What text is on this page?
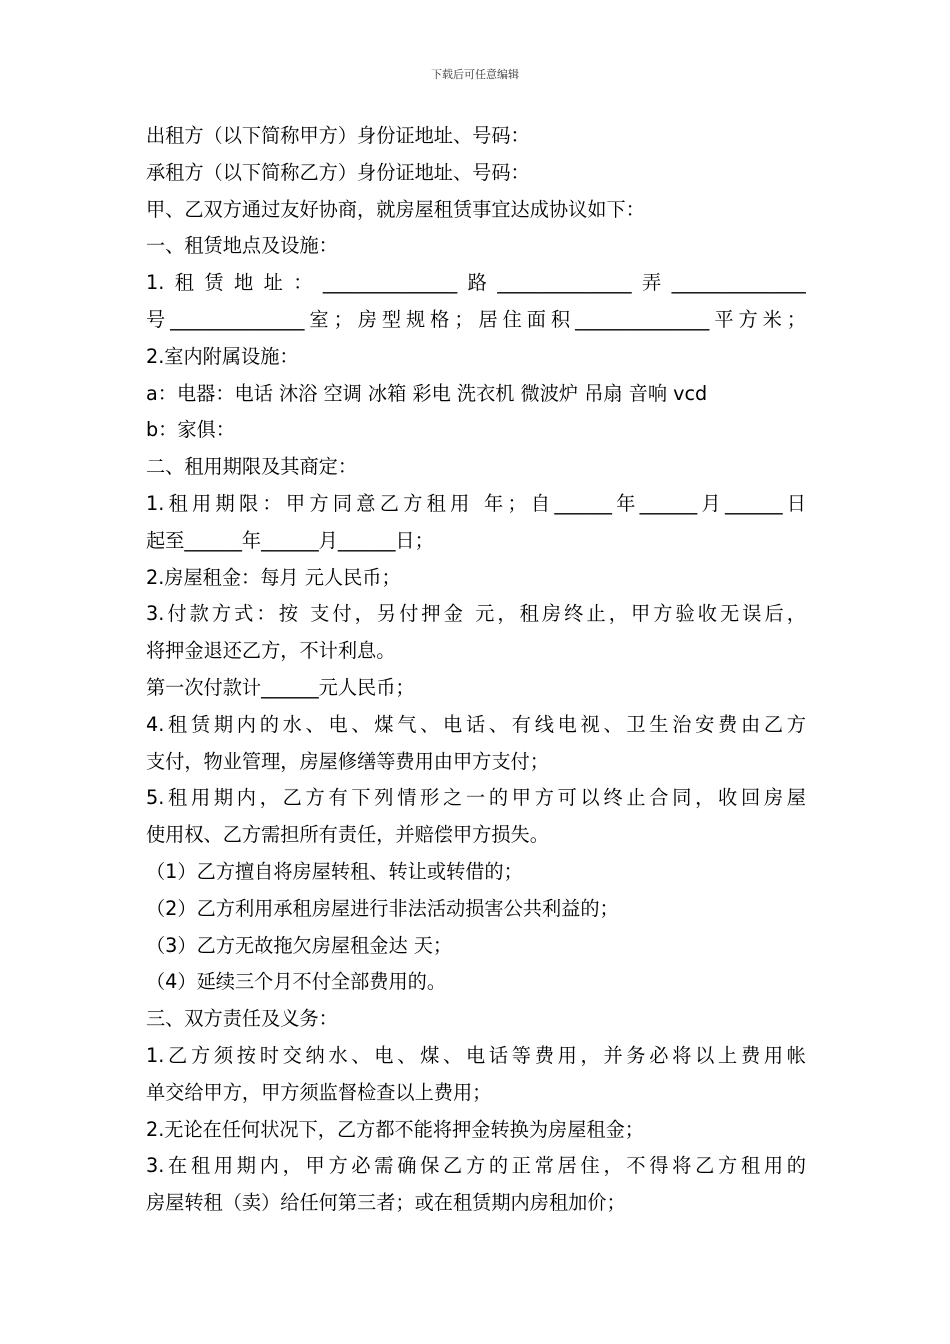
下载后可任意编辑
出租方（以下简称甲方）身份证地址、号码：
承租方（以下简称乙方）身份证地址、号码：
甲、乙双方通过友好协商，就房屋租赁事宜达成协议如下：
一、租赁地点及设施：
1.租赁地址：______________路______________弄______________
号______________室；房型规格；居住面积______________平方米；
2.室内附属设施：
a：电器：电话 沐浴 空调 冰箱 彩电 洗衣机 微波炉 吊扇 音响 vcd
b：家俱：
二、租用期限及其商定：
1.租用期限：甲方同意乙方租用 年；自______年______月______日
起至______年______月______日；
2.房屋租金：每月 元人民币；
3.付款方式：按 支付，另付押金 元，租房终止，甲方验收无误后，
将押金退还乙方，不计利息。
第一次付款计______元人民币；
4.租赁期内的水、电、煤气、电话、有线电视、卫生治安费由乙方
支付，物业管理，房屋修缮等费用由甲方支付；
5.租用期内，乙方有下列情形之一的甲方可以终止合同，收回房屋
使用权、乙方需担所有责任，并赔偿甲方损失。
（1）乙方擅自将房屋转租、转让或转借的；
（2）乙方利用承租房屋进行非法活动损害公共利益的；
（3）乙方无故拖欠房屋租金达 天；
（4）延续三个月不付全部费用的。
三、双方责任及义务：
1.乙方须按时交纳水、电、煤、电话等费用，并务必将以上费用帐
单交给甲方，甲方须监督检查以上费用；
2.无论在任何状况下，乙方都不能将押金转换为房屋租金；
3.在租用期内，甲方必需确保乙方的正常居住，不得将乙方租用的
房屋转租（卖）给任何第三者；或在租赁期内房租加价；
